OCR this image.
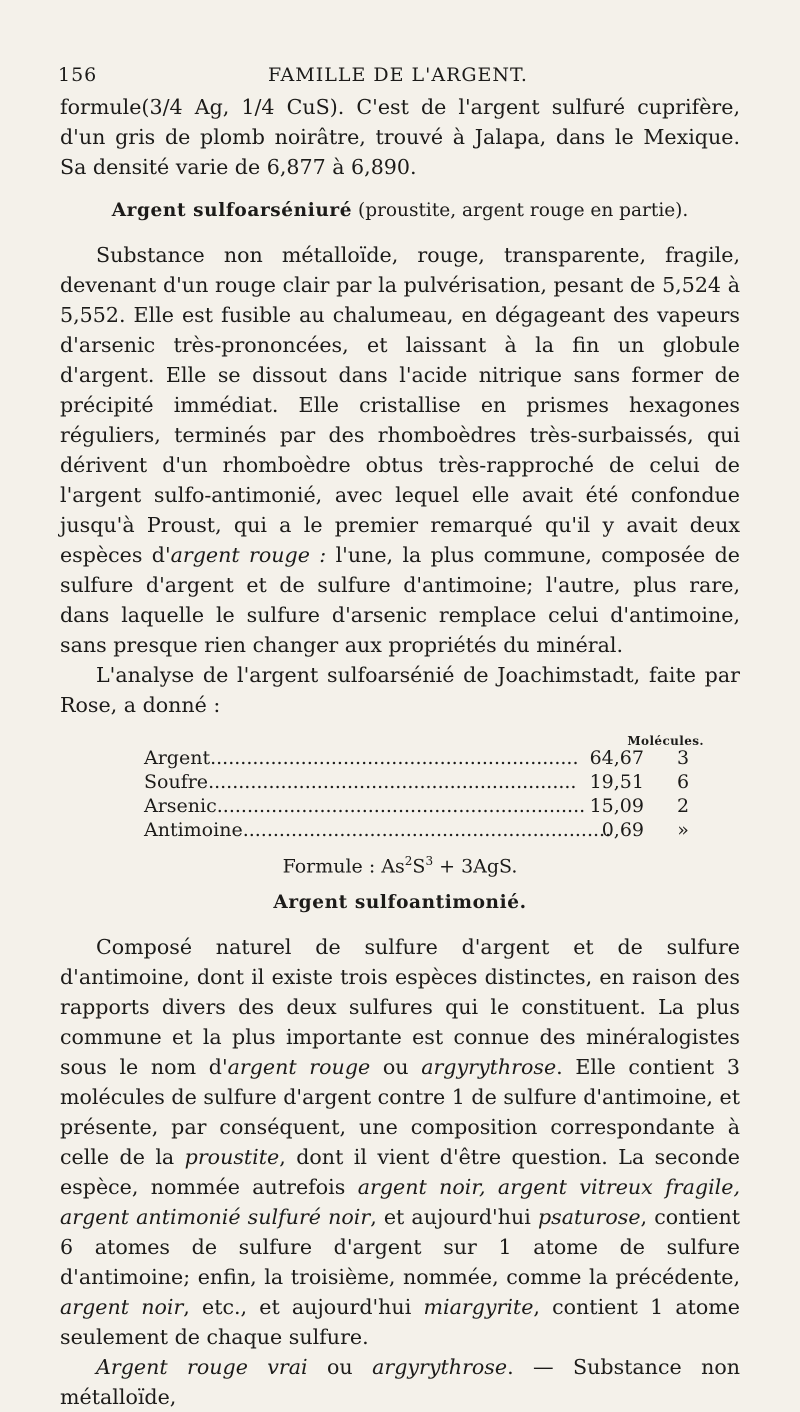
156	FAMILLE DE L'ARGENT.

formule(3/4 Ag, 1/4 CuS). C'est de l'argent sulfuré cuprifère, d'un gris de plomb noirâtre, trouvé à Jalapa, dans le Mexique. Sa densité varie de 6,877 à 6,890.

Argent sulfoarséniuré (proustite, argent rouge en partie).

Substance non métalloïde, rouge, transparente, fragile, devenant d'un rouge clair par la pulvérisation, pesant de 5,524 à 5,552. Elle est fusible au chalumeau, en dégageant des vapeurs d'arsenic très-prononcées, et laissant à la fin un globule d'argent. Elle se dissout dans l'acide nitrique sans former de précipité immédiat. Elle cristallise en prismes hexagones réguliers, terminés par des rhomboèdres très-surbaissés, qui dérivent d'un rhomboèdre obtus très-rapproché de celui de l'argent sulfo-antimonié, avec lequel elle avait été confondue jusqu'à Proust, qui a le premier remarqué qu'il y avait deux espèces d'argent rouge : l'une, la plus commune, composée de sulfure d'argent et de sulfure d'antimoine; l'autre, plus rare, dans laquelle le sulfure d'arsenic remplace celui d'antimoine, sans presque rien changer aux propriétés du minéral.

L'analyse de l'argent sulfoarsénié de Joachimstadt, faite par Rose, a donné :

Molécules.
Argent............................................................. 64,67 3
Soufre............................................................. 19,51 6
Arsenic............................................................. 15,09 2
Antimoine.............................................................
0,69 »
Formule : $As^2S^3 + 3AgS$.
Argent sulfoantimonié.

Composé naturel de sulfure d'argent et de sulfure d'antimoine, dont il existe trois espèces distinctes, en raison des rapports divers des deux sulfures qui le constituent. La plus commune et la plus importante est connue des minéralogistes sous le nom d'argent rouge ou argyrythrose. Elle contient 3 molécules de sulfure d'argent contre 1 de sulfure d'antimoine, et présente, par conséquent, une composition correspondante à celle de la proustite, dont il vient d'être question. La seconde espèce, nommée autrefois argent noir, argent vitreux fragile, argent antimonié sulfuré noir, et aujourd'hui psaturose, contient 6 atomes de sulfure d'argent sur 1 atome de sulfure d'antimoine; enfin, la troisième, nommée, comme la précédente, argent noir, etc., et aujourd'hui miargyrite, contient 1 atome seulement de chaque sulfure.

Argent rouge vrai ou argyrythrose. — Substance non métalloïde,
